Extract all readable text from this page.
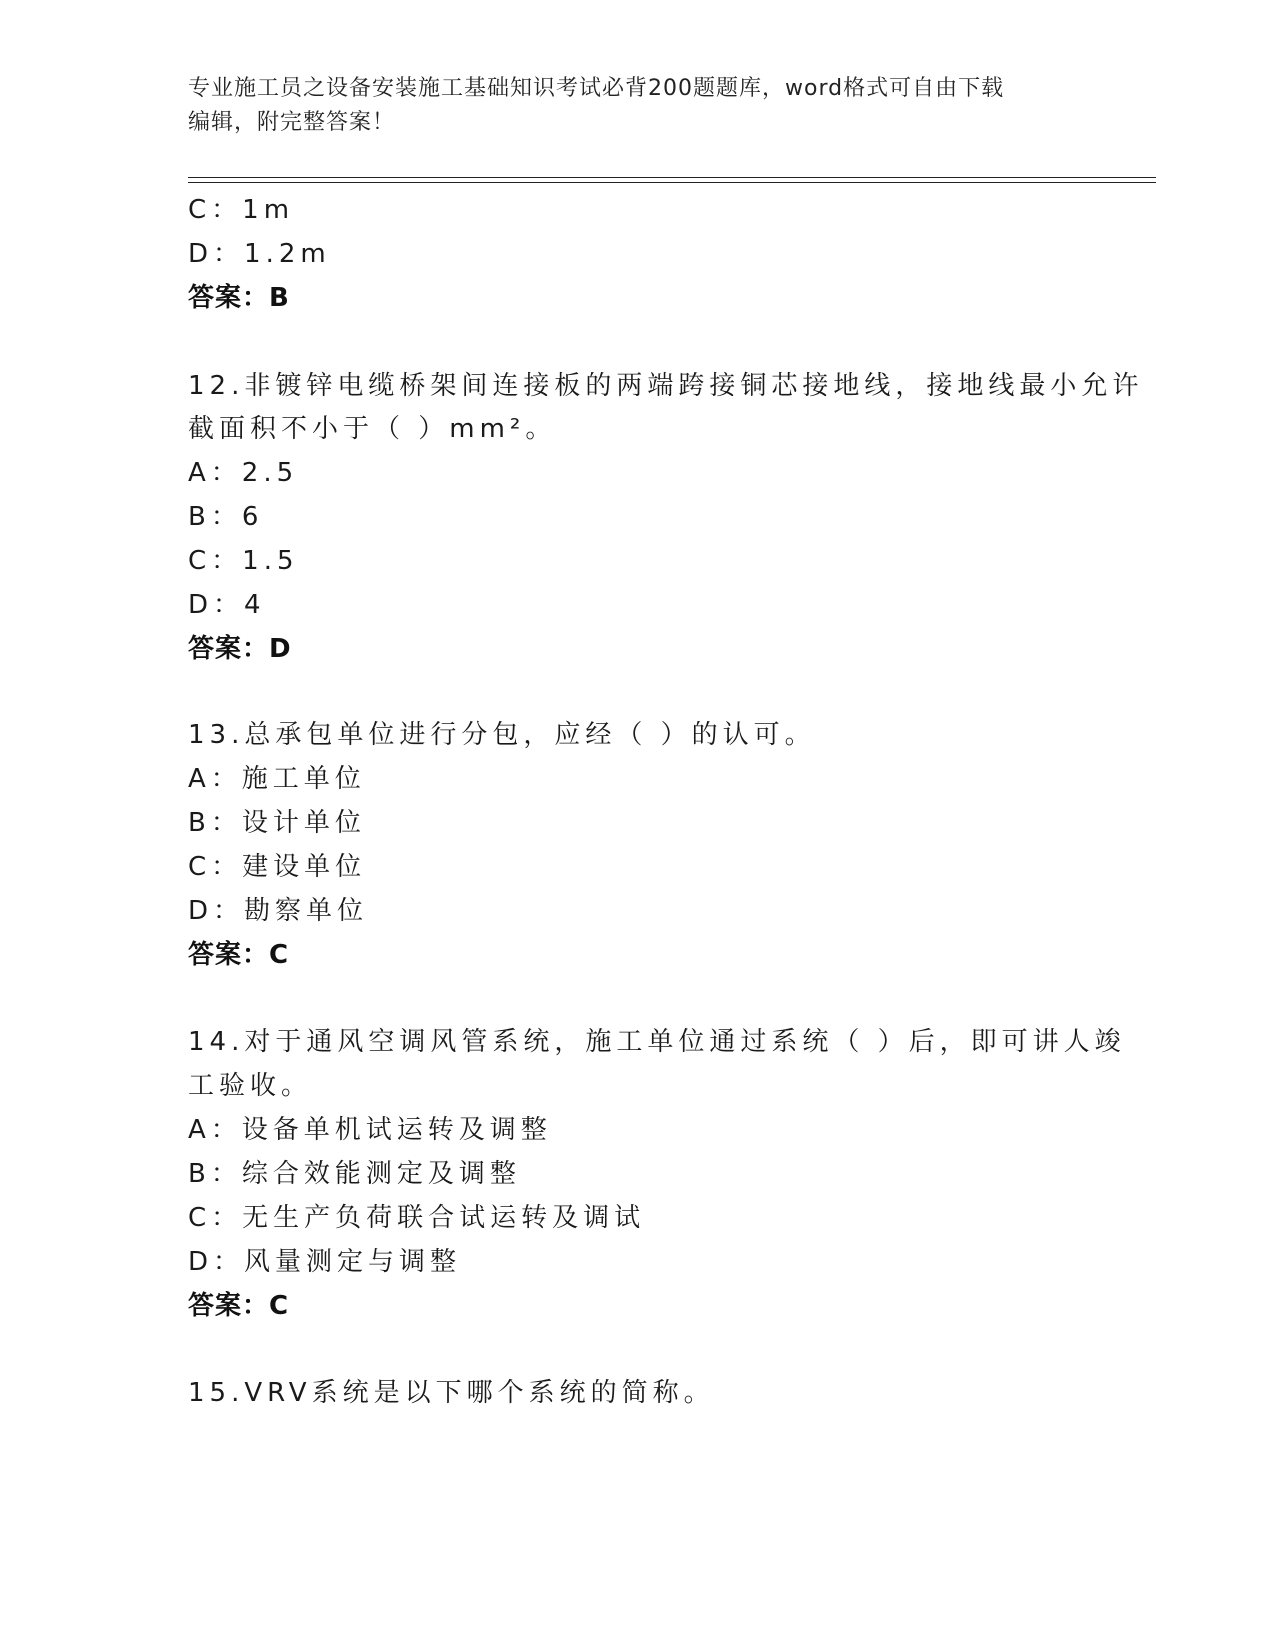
专业施工员之设备安装施工基础知识考试必背200题题库，word格式可自由下载
编辑，附完整答案！
C：1m
D：1.2m
答案：B
12.非镀锌电缆桥架间连接板的两端跨接铜芯接地线，接地线最小允许
截面积不小于（ ）mm²。
A：2.5
B：6
C：1.5
D：4
答案：D
13.总承包单位进行分包，应经（ ）的认可。
A：施工单位
B：设计单位
C：建设单位
D：勘察单位
答案：C
14.对于通风空调风管系统，施工单位通过系统（ ）后，即可讲人竣
工验收。
A：设备单机试运转及调整
B：综合效能测定及调整
C：无生产负荷联合试运转及调试
D：风量测定与调整
答案：C
15.VRV系统是以下哪个系统的简称。
